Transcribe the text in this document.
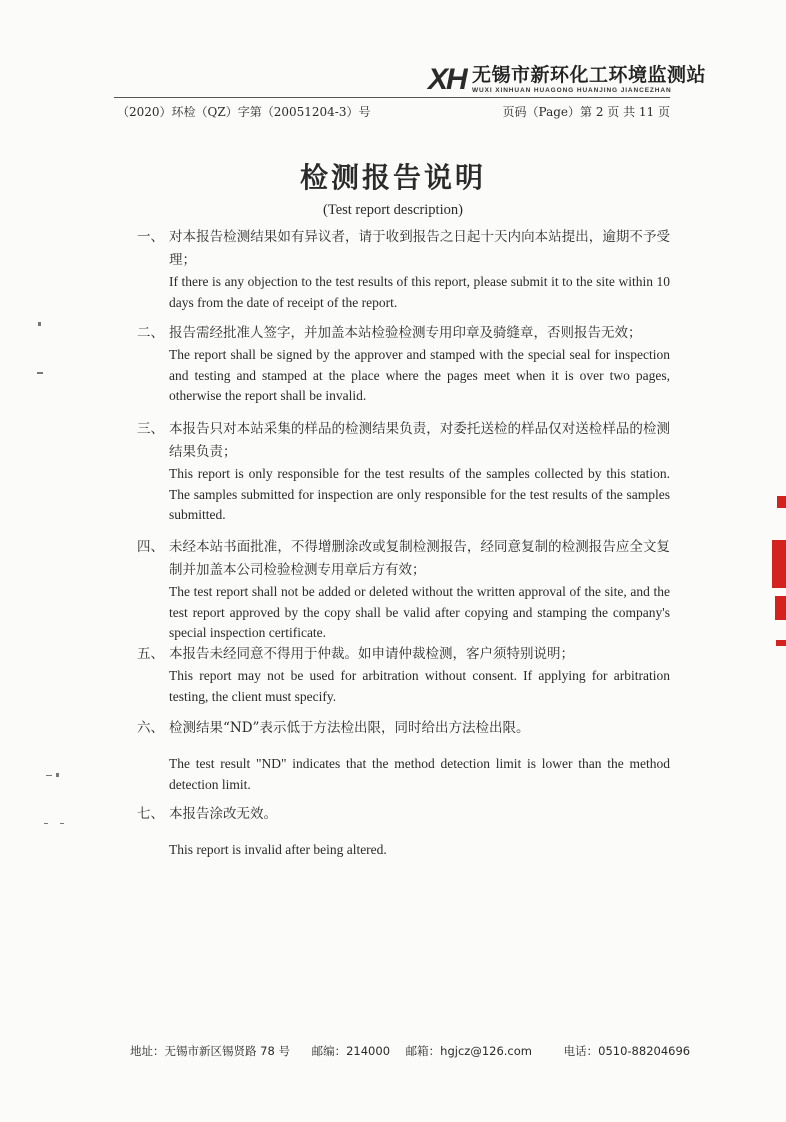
XH 无锡市新环化工环境监测站
WUXI XINHUAN HUAGONG HUANJING JIANCEZHAN
（2020）环检（QZ）字第（20051204-3）号	页码（Page）第 2 页 共 11 页
检测报告说明
(Test report description)
一、 对本报告检测结果如有异议者，请于收到报告之日起十天内向本站提出，逾期不予受理；
If there is any objection to the test results of this report, please submit it to the site within 10 days from the date of receipt of the report.
二、 报告需经批准人签字，并加盖本站检验检测专用印章及骑缝章，否则报告无效；
The report shall be signed by the approver and stamped with the special seal for inspection and testing and stamped at the place where the pages meet when it is over two pages, otherwise the report shall be invalid.
三、 本报告只对本站采集的样品的检测结果负责，对委托送检的样品仅对送检样品的检测结果负责；
This report is only responsible for the test results of the samples collected by this station. The samples submitted for inspection are only responsible for the test results of the samples submitted.
四、 未经本站书面批准，不得增删涂改或复制检测报告，经同意复制的检测报告应全文复制并加盖本公司检验检测专用章后方有效；
The test report shall not be added or deleted without the written approval of the site, and the test report approved by the copy shall be valid after copying and stamping the company's special inspection certificate.
五、 本报告未经同意不得用于仲裁。如申请仲裁检测，客户须特别说明；
This report may not be used for arbitration without consent. If applying for arbitration testing, the client must specify.
六、 检测结果“ND”表示低于方法检出限，同时给出方法检出限。
The test result "ND" indicates that the method detection limit is lower than the method detection limit.
七、 本报告涂改无效。
This report is invalid after being altered.
地址：无锡市新区锡贤路 78 号 邮编：214000 邮箱：hgjcz@126.com	电话：0510-88204696
